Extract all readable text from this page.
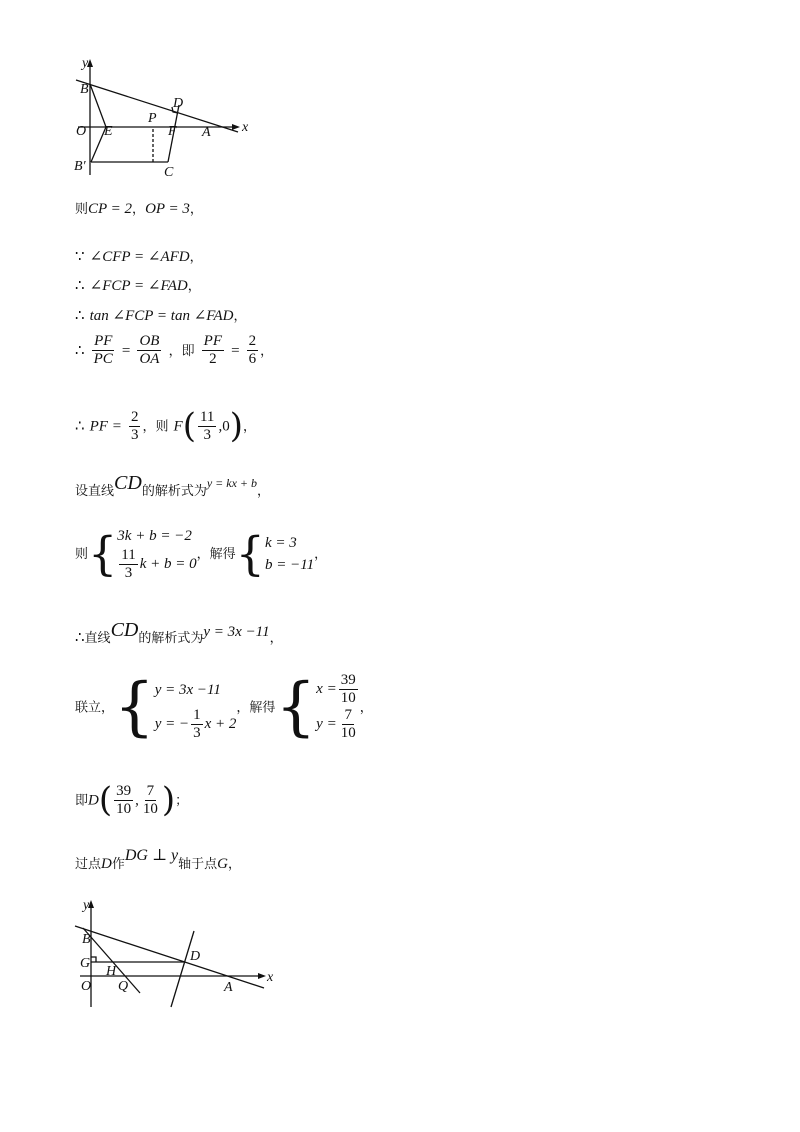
y
x
B
D
O E
P
F A
B′	C
则CP = 2，OP = 3，
∵ ∠CFP = ∠AFD，
∴ ∠FCP = ∠FAD，
∴ tan ∠FCP = tan ∠FAD，
∴ $\frac{PF}{PC} = \frac{OB}{OA}$ ，即 $\frac{PF}{2} = \frac{2}{6}$ ，
∴ PF = $\frac{2}{3}$ ，则 $F( \frac{11}{3} ,0)$，
设直线CD的解析式为$^{y = kx + b}$，
则{ 3k + b = −2
$\frac{11}{3}$ k + b = 0
，解得{ k = 3
b = −11
，
∴直线CD的解析式为y = 3x −11，
联立，{ y = 3x −11
y = − $\frac{1}{3}$ x + 2
，解得{ $x = \frac{39}{10}$
$y = \frac{7}{10}$ ，
即$D( \frac{39}{10}$ , $\frac{7}{10}$ )；
过点D作DG ⊥ y轴于点G，
y
x
B
G
H
D
O Q	A
